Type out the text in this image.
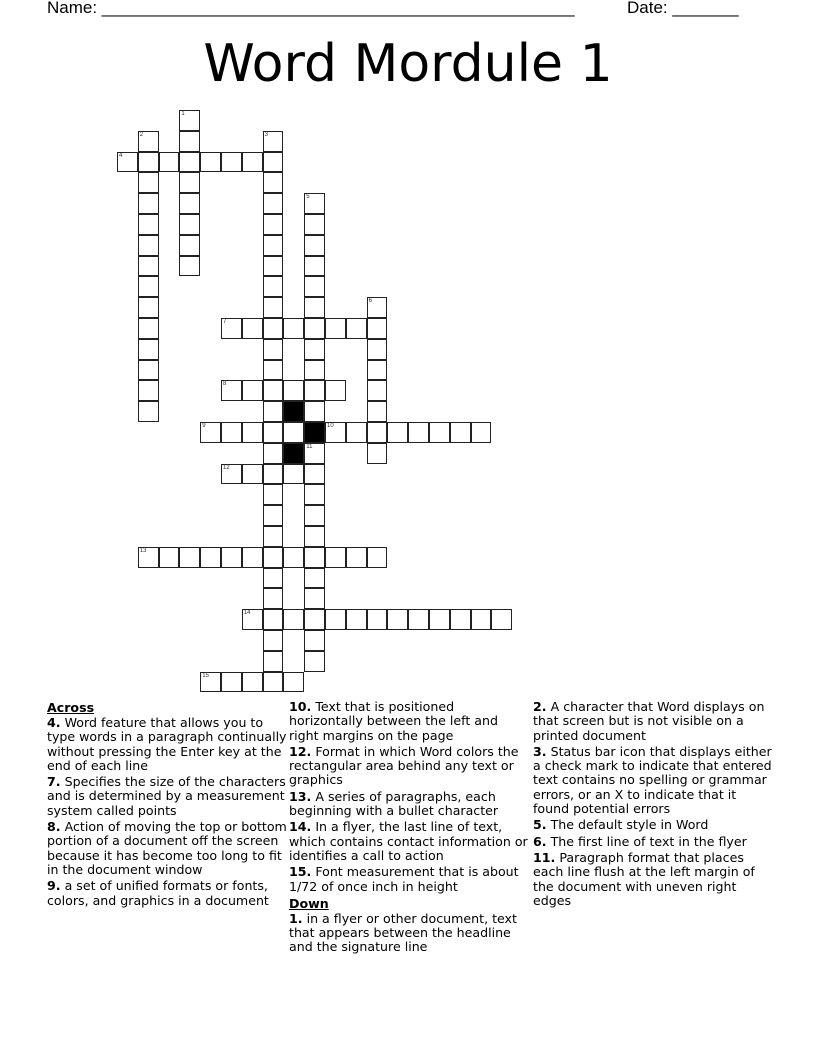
Name: __________________________________________________	Date: _______
Word Mordule 1
4
7
8
9	10
12
13
14
15
1
2	3
5
6
11
Across

4. Word feature that allows you to type words in a paragraph continually without pressing the Enter key at the end of each line

7. Specifies the size of the characters and is determined by a measurement system called points

8. Action of moving the top or bottom portion of a document off the screen because it has become too long to fit in the document window

9. a set of unified formats or fonts, colors, and graphics in a document

10. Text that is positioned horizontally between the left and right margins on the page

12. Format in which Word colors the rectangular area behind any text or graphics

13. A series of paragraphs, each beginning with a bullet character

14. In a flyer, the last line of text, which contains contact information or identifies a call to action

15. Font measurement that is about 1/72 of once inch in height

Down

1. in a flyer or other document, text that appears between the headline and the signature line

2. A character that Word displays on that screen but is not visible on a printed document

3. Status bar icon that displays either a check mark to indicate that entered text contains no spelling or grammar errors, or an X to indicate that it found potential errors

5. The default style in Word

6. The first line of text in the flyer

11. Paragraph format that places each line flush at the left margin of the document with uneven right edges
